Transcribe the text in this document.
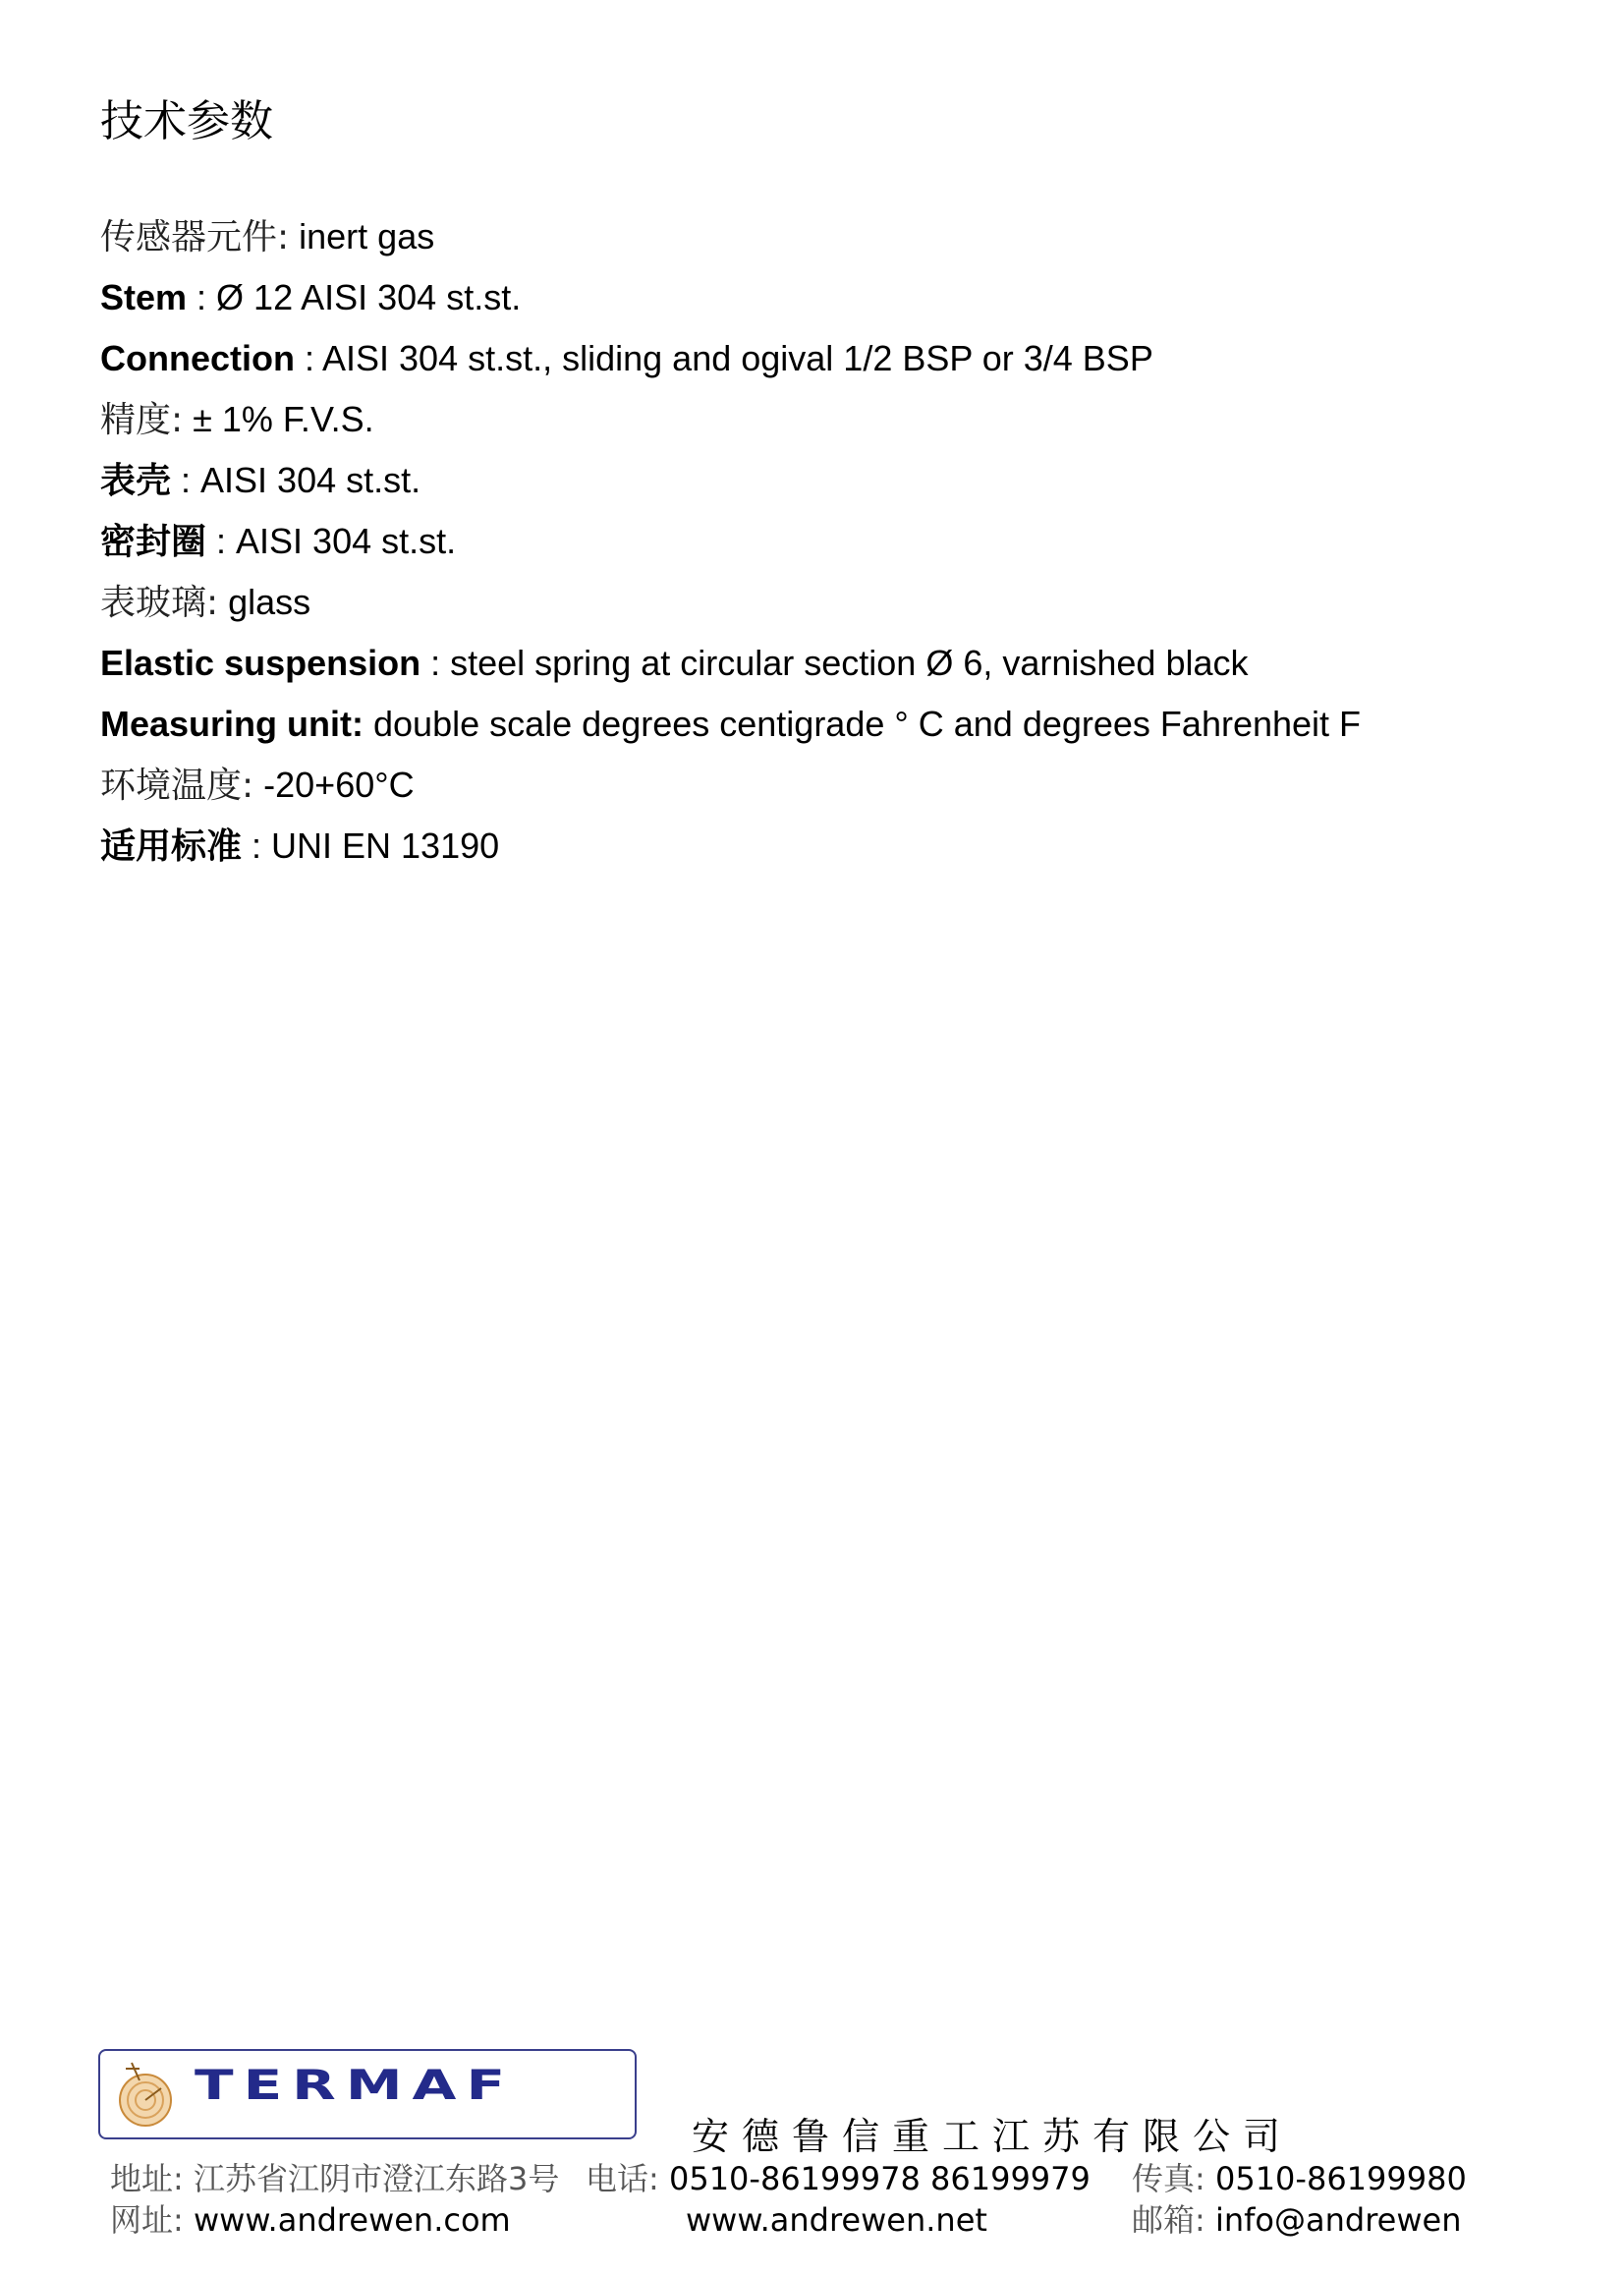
技术参数
传感器元件: inert gas
Stem : Ø 12 AISI 304 st.st.
Connection : AISI 304 st.st., sliding and ogival 1/2 BSP or 3/4 BSP
精度: ± 1% F.V.S.
表壳 : AISI 304 st.st.
密封圈 : AISI 304 st.st.
表玻璃: glass
Elastic suspension : steel spring at circular section Ø 6, varnished black
Measuring unit: double scale degrees centigrade ° C and degrees Fahrenheit F
环境温度: -20+60°C
适用标准 : UNI EN 13190
TERMAF
安德鲁信重工江苏有限公司
地址: 江苏省江阴市澄江东路3号 电话: 0510-86199978 86199979 传真: 0510-86199980
网址: www.andrewen.com	www.andrewen.net	邮箱: info@andrewen
